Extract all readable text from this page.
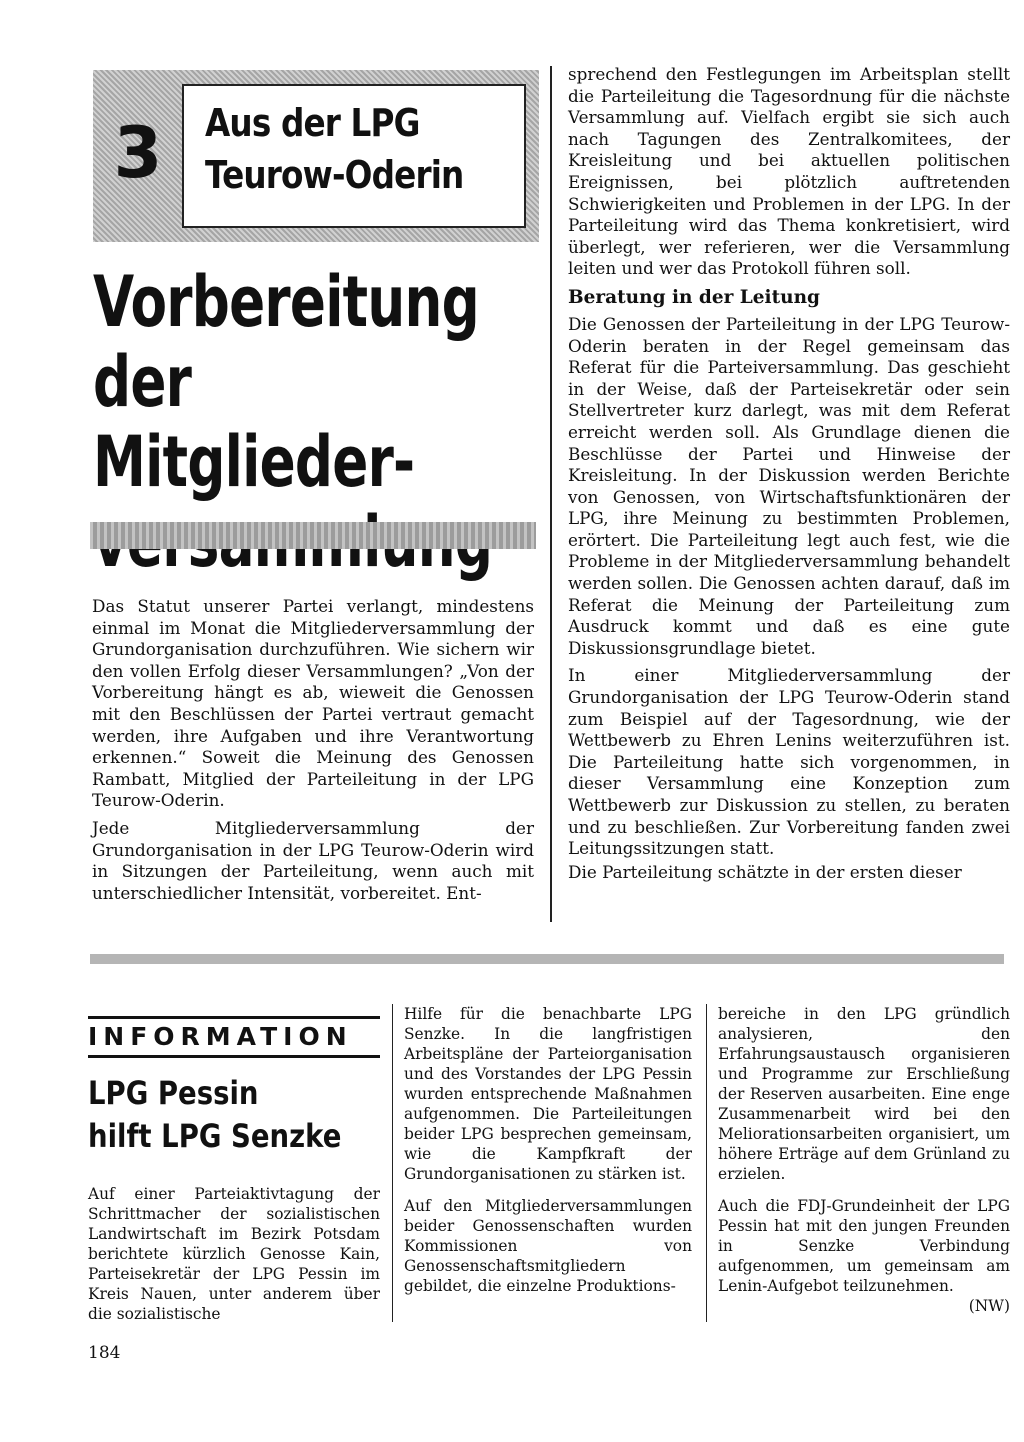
3 Aus der LPG
Teurow-Oderin
Vorbereitung
der Mitglieder-

Das Statut unserer Partei verlangt, mindestens einmal im Monat die Mitgliederversammlung der Grundorganisation durchzuführen. Wie sichern wir den vollen Erfolg dieser Versammlungen? „Von der Vorbereitung hängt es ab, wieweit die Genossen mit den Beschlüssen der Partei vertraut gemacht werden, ihre Aufgaben und ihre Verantwortung erkennen.“ Soweit die Meinung des Genossen Rambatt, Mitglied der Parteileitung in der LPG Teurow-Oderin.

Jede Mitgliederversammlung der Grundorganisation in der LPG Teurow-Oderin wird in Sitzungen der Parteileitung, wenn auch mit unterschiedlicher Intensität, vorbereitet. Ent-

sprechend den Festlegungen im Arbeitsplan stellt die Parteileitung die Tagesordnung für die nächste Versammlung auf. Vielfach ergibt sie sich auch nach Tagungen des Zentralkomitees, der Kreisleitung und bei aktuellen politischen Ereignissen, bei plötzlich auftretenden Schwierigkeiten und Problemen in der LPG. In der Parteileitung wird das Thema konkretisiert, wird überlegt, wer referieren, wer die Versammlung leiten und wer das Protokoll führen soll.

Beratung in der Leitung

Die Genossen der Parteileitung in der LPG Teurow-Oderin beraten in der Regel gemeinsam das Referat für die Parteiversammlung. Das geschieht in der Weise, daß der Parteisekretär oder sein Stellvertreter kurz darlegt, was mit dem Referat erreicht werden soll. Als Grundlage dienen die Beschlüsse der Partei und Hinweise der Kreisleitung. In der Diskussion werden Berichte von Genossen, von Wirtschaftsfunktionären der LPG, ihre Meinung zu bestimmten Problemen, erörtert. Die Parteileitung legt auch fest, wie die Probleme in der Mitgliederversammlung behandelt werden sollen. Die Genossen achten darauf, daß im Referat die Meinung der Parteileitung zum Ausdruck kommt und daß es eine gute Diskussionsgrundlage bietet.

In einer Mitgliederversammlung der Grundorganisation der LPG Teurow-Oderin stand zum Beispiel auf der Tagesordnung, wie der Wettbewerb zu Ehren Lenins weiterzuführen ist. Die Parteileitung hatte sich vorgenommen, in dieser Versammlung eine Konzeption zum Wettbewerb zur Diskussion zu stellen, zu beraten und zu beschließen. Zur Vorbereitung fanden zwei Leitungssitzungen statt.

Die Parteileitung schätzte in der ersten dieser

INFORMATION
LPG Pessin
hilft LPG Senzke

Auf einer Parteiaktivtagung der Schrittmacher der sozialistischen Landwirtschaft im Bezirk Potsdam berichtete kürzlich Genosse Kain, Parteisekretär der LPG Pessin im Kreis Nauen, unter anderem über die sozialistische

Hilfe für die benachbarte LPG Senzke. In die langfristigen Arbeitspläne der Parteiorganisation und des Vorstandes der LPG Pessin wurden entsprechende Maßnahmen aufgenommen. Die Parteileitungen beider LPG besprechen gemeinsam, wie die Kampfkraft der Grundorganisationen zu stärken ist.

Auf den Mitgliederversammlungen beider Genossenschaften wurden Kommissionen von Genossenschaftsmitgliedern gebildet, die einzelne Produktions-

bereiche in den LPG gründlich analysieren, den Erfahrungsaustausch organisieren und Programme zur Erschließung der Reserven ausarbeiten. Eine enge Zusammenarbeit wird bei den Meliorationsarbeiten organisiert, um höhere Erträge auf dem Grünland zu erzielen.

Auch die FDJ-Grundeinheit der LPG Pessin hat mit den jungen Freunden in Senzke Verbindung aufgenommen, um gemeinsam am Lenin-Aufgebot teilzunehmen.

(NW)
184
